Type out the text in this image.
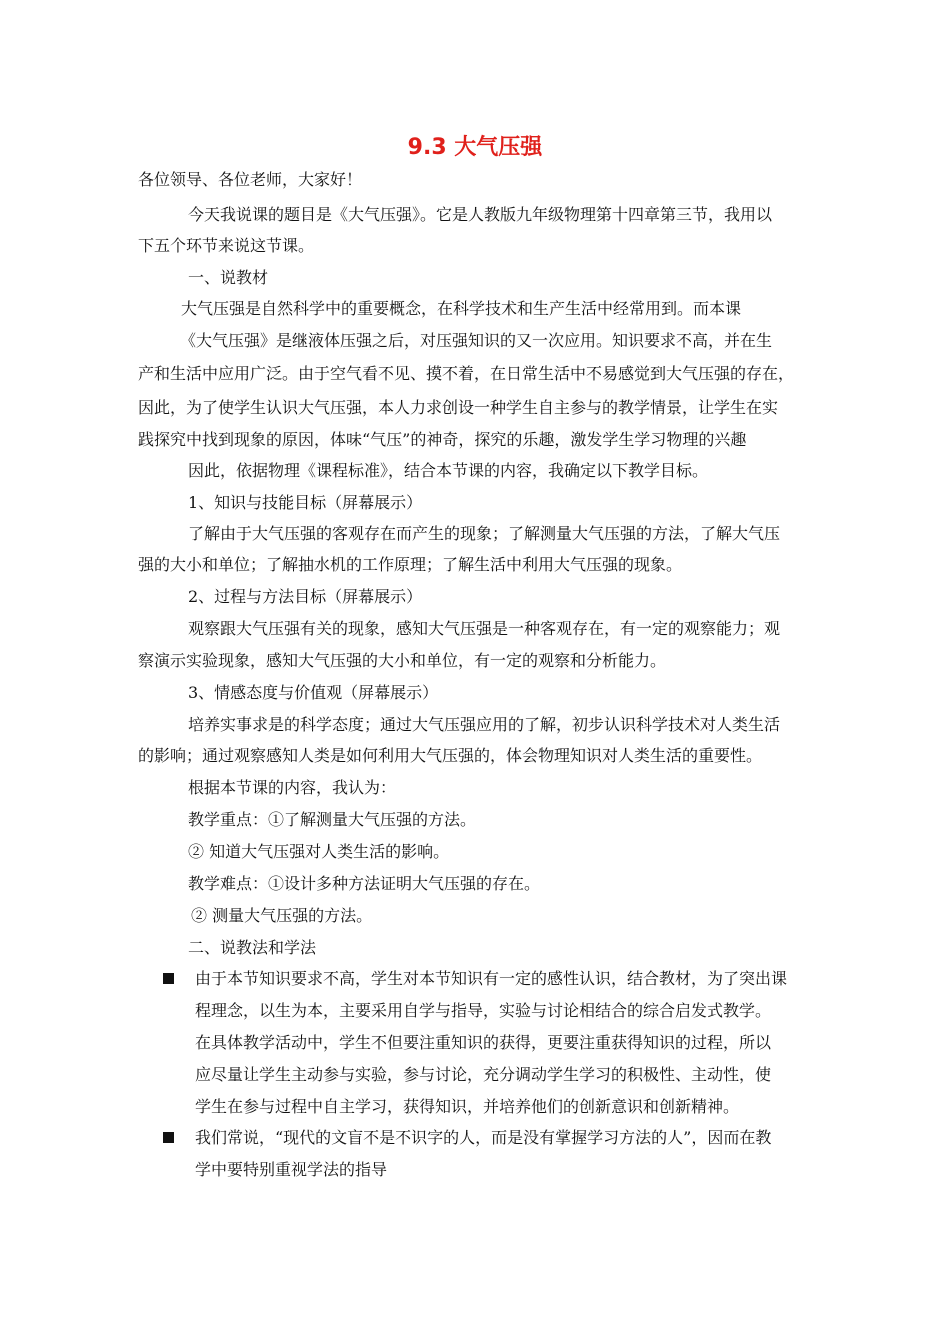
9.3 大气压强
各位领导、各位老师，大家好！
今天我说课的题目是《大气压强》。它是人教版九年级物理第十四章第三节，我用以
下五个环节来说这节课。
一、说教材
大气压强是自然科学中的重要概念，在科学技术和生产生活中经常用到。而本课
《大气压强》是继液体压强之后，对压强知识的又一次应用。知识要求不高，并在生
产和生活中应用广泛。由于空气看不见、摸不着，在日常生活中不易感觉到大气压强的存在，
因此，为了使学生认识大气压强，本人力求创设一种学生自主参与的教学情景，让学生在实
践探究中找到现象的原因，体味“气压”的神奇，探究的乐趣，激发学生学习物理的兴趣
因此，依据物理《课程标准》，结合本节课的内容，我确定以下教学目标。
1、知识与技能目标（屏幕展示）
了解由于大气压强的客观存在而产生的现象；了解测量大气压强的方法，了解大气压
强的大小和单位；了解抽水机的工作原理；了解生活中利用大气压强的现象。
2、过程与方法目标（屏幕展示）
观察跟大气压强有关的现象，感知大气压强是一种客观存在，有一定的观察能力；观
察演示实验现象，感知大气压强的大小和单位，有一定的观察和分析能力。
3、情感态度与价值观（屏幕展示）
培养实事求是的科学态度；通过大气压强应用的了解，初步认识科学技术对人类生活
的影响；通过观察感知人类是如何利用大气压强的，体会物理知识对人类生活的重要性。
根据本节课的内容，我认为：
教学重点：①了解测量大气压强的方法。
② 知道大气压强对人类生活的影响。
教学难点：①设计多种方法证明大气压强的存在。
② 测量大气压强的方法。
二、说教法和学法
由于本节知识要求不高，学生对本节知识有一定的感性认识，结合教材，为了突出课
程理念，以生为本，主要采用自学与指导，实验与讨论相结合的综合启发式教学。
在具体教学活动中，学生不但要注重知识的获得，更要注重获得知识的过程，所以
应尽量让学生主动参与实验，参与讨论，充分调动学生学习的积极性、主动性，使
学生在参与过程中自主学习，获得知识，并培养他们的创新意识和创新精神。
我们常说，“现代的文盲不是不识字的人，而是没有掌握学习方法的人”，因而在教
学中要特别重视学法的指导
